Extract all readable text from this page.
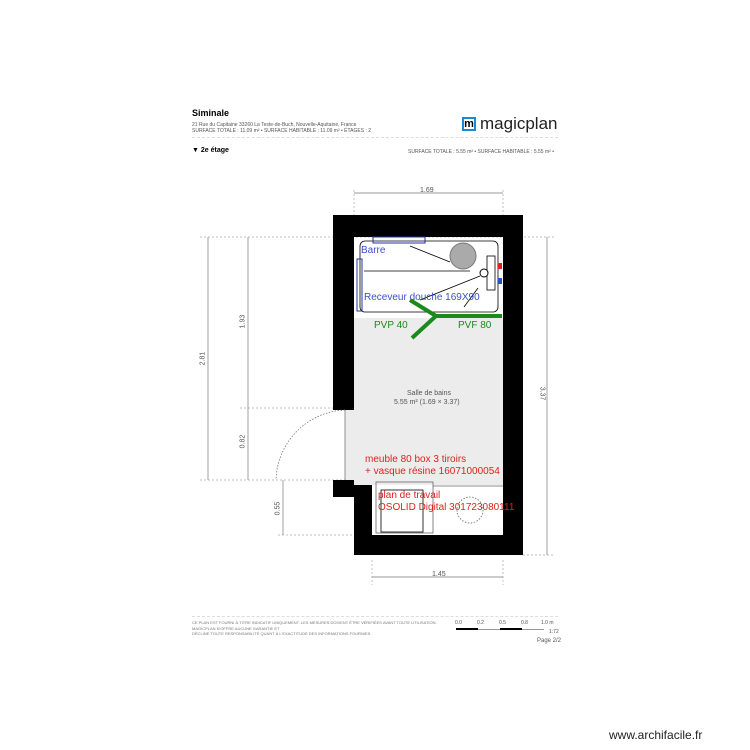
Siminale
21 Rue du Capitaine 33260 La Teste-de-Buch, Nouvelle-Aquitaine, France
SURFACE TOTALE : 11.09 m² • SURFACE HABITABLE : 11.09 m² • ÉTAGES : 2
m magicplan
▼ 2e étage	SURFACE TOTALE : 5.55 m² • SURFACE HABITABLE : 5.55 m² •
1.69
2.81
1.93
0.82
0.55
3.37
1.45
Barre
Receveur douche 169X90
PVP 40	PVF 80
Salle de bains
5.55 m² (1.69 × 3.37)
meuble 80 box 3 tiroirs
+ vasque résine 16071000054
plan de travail
OSOLID Digital 301723080111
CE PLAN EST FOURNI À TITRE INDICATIF UNIQUEMENT. LES MESURES DOIVENT ÊTRE VÉRIFIÉES AVANT TOUTE UTILISATION. MAGICPLAN N'OFFRE AUCUNE GARANTIE ET
DÉCLINE TOUTE RESPONSABILITÉ QUANT À L'EXACTITUDE DES INFORMATIONS FOURNIES.
0.0	0.2	0.5	0.8	1.0 m
1:72
Page 2/2
www.archifacile.fr
